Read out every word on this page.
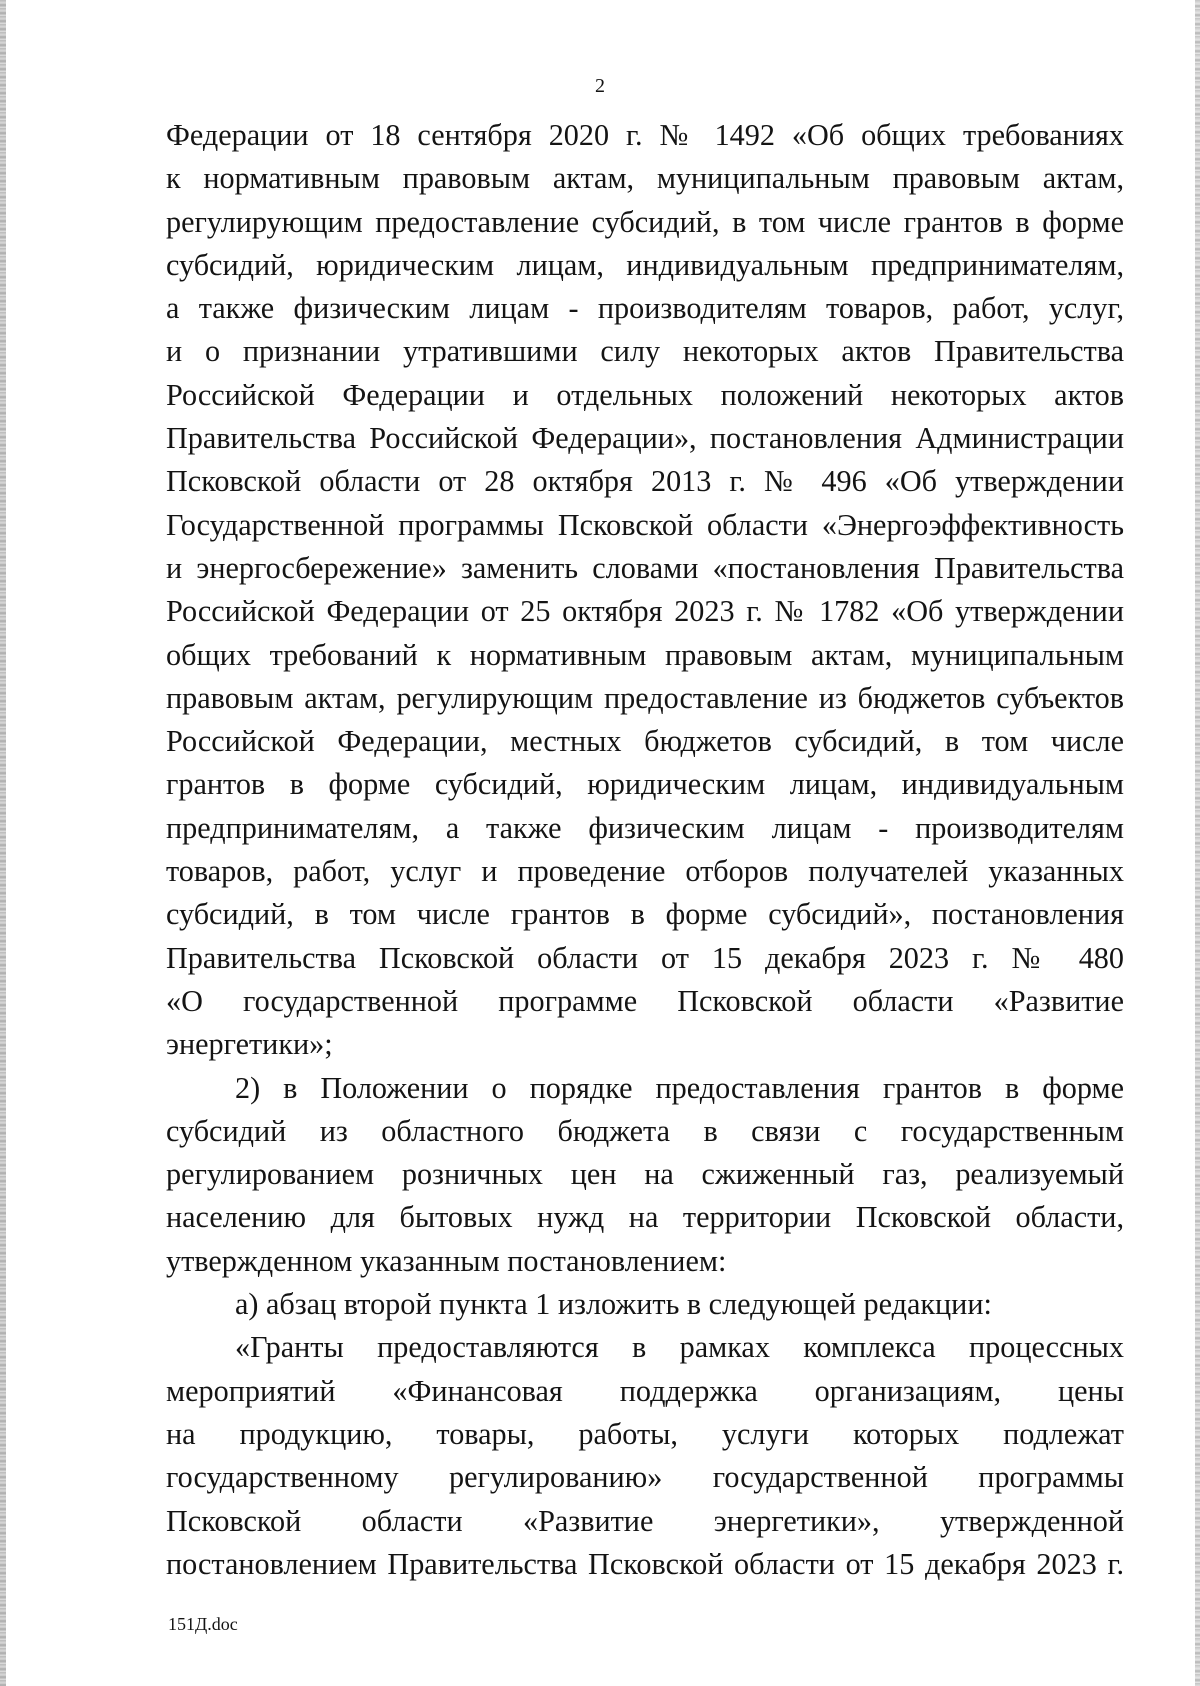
2
Федерации от 18 сентября 2020 г. № 1492 «Об общих требованиях
к нормативным правовым актам, муниципальным правовым актам,
регулирующим предоставление субсидий, в том числе грантов в форме
субсидий, юридическим лицам, индивидуальным предпринимателям,
а также физическим лицам - производителям товаров, работ, услуг,
и о признании утратившими силу некоторых актов Правительства
Российской Федерации и отдельных положений некоторых актов
Правительства Российской Федерации», постановления Администрации
Псковской области от 28 октября 2013 г. № 496 «Об утверждении
Государственной программы Псковской области «Энергоэффективность
и энергосбережение» заменить словами «постановления Правительства
Российской Федерации от 25 октября 2023 г. № 1782 «Об утверждении
общих требований к нормативным правовым актам, муниципальным
правовым актам, регулирующим предоставление из бюджетов субъектов
Российской Федерации, местных бюджетов субсидий, в том числе
грантов в форме субсидий, юридическим лицам, индивидуальным
предпринимателям, а также физическим лицам - производителям
товаров, работ, услуг и проведение отборов получателей указанных
субсидий, в том числе грантов в форме субсидий», постановления
Правительства Псковской области от 15 декабря 2023 г. № 480
«О государственной программе Псковской области «Развитие
энергетики»;
2) в Положении о порядке предоставления грантов в форме
субсидий из областного бюджета в связи с государственным
регулированием розничных цен на сжиженный газ, реализуемый
населению для бытовых нужд на территории Псковской области,
утвержденном указанным постановлением:
а) абзац второй пункта 1 изложить в следующей редакции:
«Гранты предоставляются в рамках комплекса процессных
мероприятий «Финансовая поддержка организациям, цены
на продукцию, товары, работы, услуги которых подлежат
государственному регулированию» государственной программы
Псковской области «Развитие энергетики», утвержденной
постановлением Правительства Псковской области от 15 декабря 2023 г.
151Д.doc
